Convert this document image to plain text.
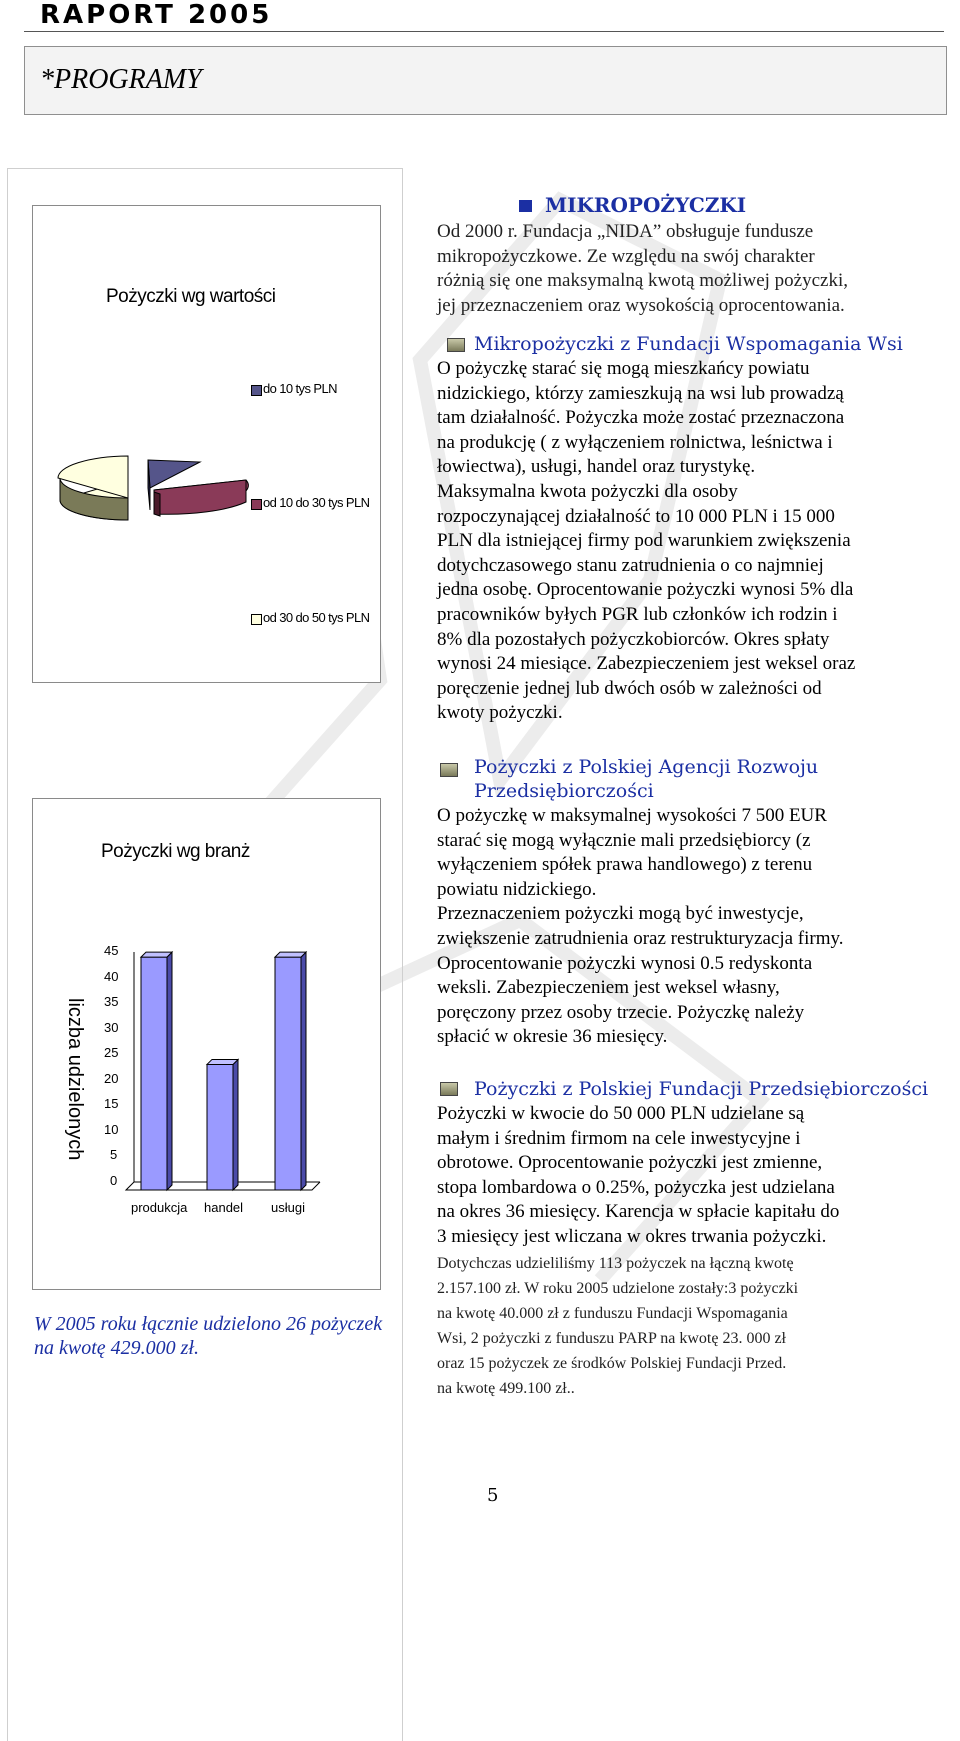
RAPORT 2005
*PROGRAMY
Pożyczki wg wartości
do 10 tys PLN
od 10 do 30 tys PLN
od 30 do 50 tys PLN
Pożyczki wg branż
liczba udzielonych
0
5
10
15
20
25
30
35
40
45
produkcja handel usługi
W 2005 roku łącznie udzielono 26 pożyczek na kwotę 429.000 zł.
MIKROPOŻYCZKI
Od 2000 r. Fundacja „NIDA” obsługuje fundusze
mikropożyczkowe. Ze względu na swój charakter
różnią się one maksymalną kwotą możliwej pożyczki,
jej przeznaczeniem oraz wysokością oprocentowania.
Mikropożyczki z Fundacji Wspomagania Wsi
O pożyczkę starać się mogą mieszkańcy powiatu
nidzickiego, którzy zamieszkują na wsi lub prowadzą
tam działalność. Pożyczka może zostać przeznaczona
na produkcję ( z wyłączeniem rolnictwa, leśnictwa i
łowiectwa), usługi, handel oraz turystykę.
Maksymalna kwota pożyczki dla osoby
rozpoczynającej działalność to 10 000 PLN i 15 000
PLN dla istniejącej firmy pod warunkiem zwiększenia
dotychczasowego stanu zatrudnienia o co najmniej
jedna osobę. Oprocentowanie pożyczki wynosi 5% dla
pracowników byłych PGR lub członków ich rodzin i
8% dla pozostałych pożyczkobiorców. Okres spłaty
wynosi 24 miesiące. Zabezpieczeniem jest weksel oraz
poręczenie jednej lub dwóch osób w zależności od
kwoty pożyczki.
Pożyczki z Polskiej Agencji Rozwoju
Przedsiębiorczości
O pożyczkę w maksymalnej wysokości 7 500 EUR
starać się mogą wyłącznie mali przedsiębiorcy (z
wyłączeniem spółek prawa handlowego) z terenu
powiatu nidzickiego.
Przeznaczeniem pożyczki mogą być inwestycje,
zwiększenie zatrudnienia oraz restrukturyzacja firmy.
Oprocentowanie pożyczki wynosi 0.5 redyskonta
weksli. Zabezpieczeniem jest weksel własny,
poręczony przez osoby trzecie. Pożyczkę należy
spłacić w okresie 36 miesięcy.
Pożyczki z Polskiej Fundacji Przedsiębiorczości
Pożyczki w kwocie do 50 000 PLN udzielane są
małym i średnim firmom na cele inwestycyjne i
obrotowe. Oprocentowanie pożyczki jest zmienne,
stopa lombardowa o 0.25%, pożyczka jest udzielana
na okres 36 miesięcy. Karencja w spłacie kapitału do
3 miesięcy jest wliczana w okres trwania pożyczki.
Dotychczas udzieliliśmy 113 pożyczek na łączną kwotę
2.157.100 zł. W roku 2005 udzielone zostały:3 pożyczki
na kwotę 40.000 zł z funduszu Fundacji Wspomagania
Wsi, 2 pożyczki z funduszu PARP na kwotę 23. 000 zł
oraz 15 pożyczek ze środków Polskiej Fundacji Przed.
na kwotę 499.100 zł..
5
